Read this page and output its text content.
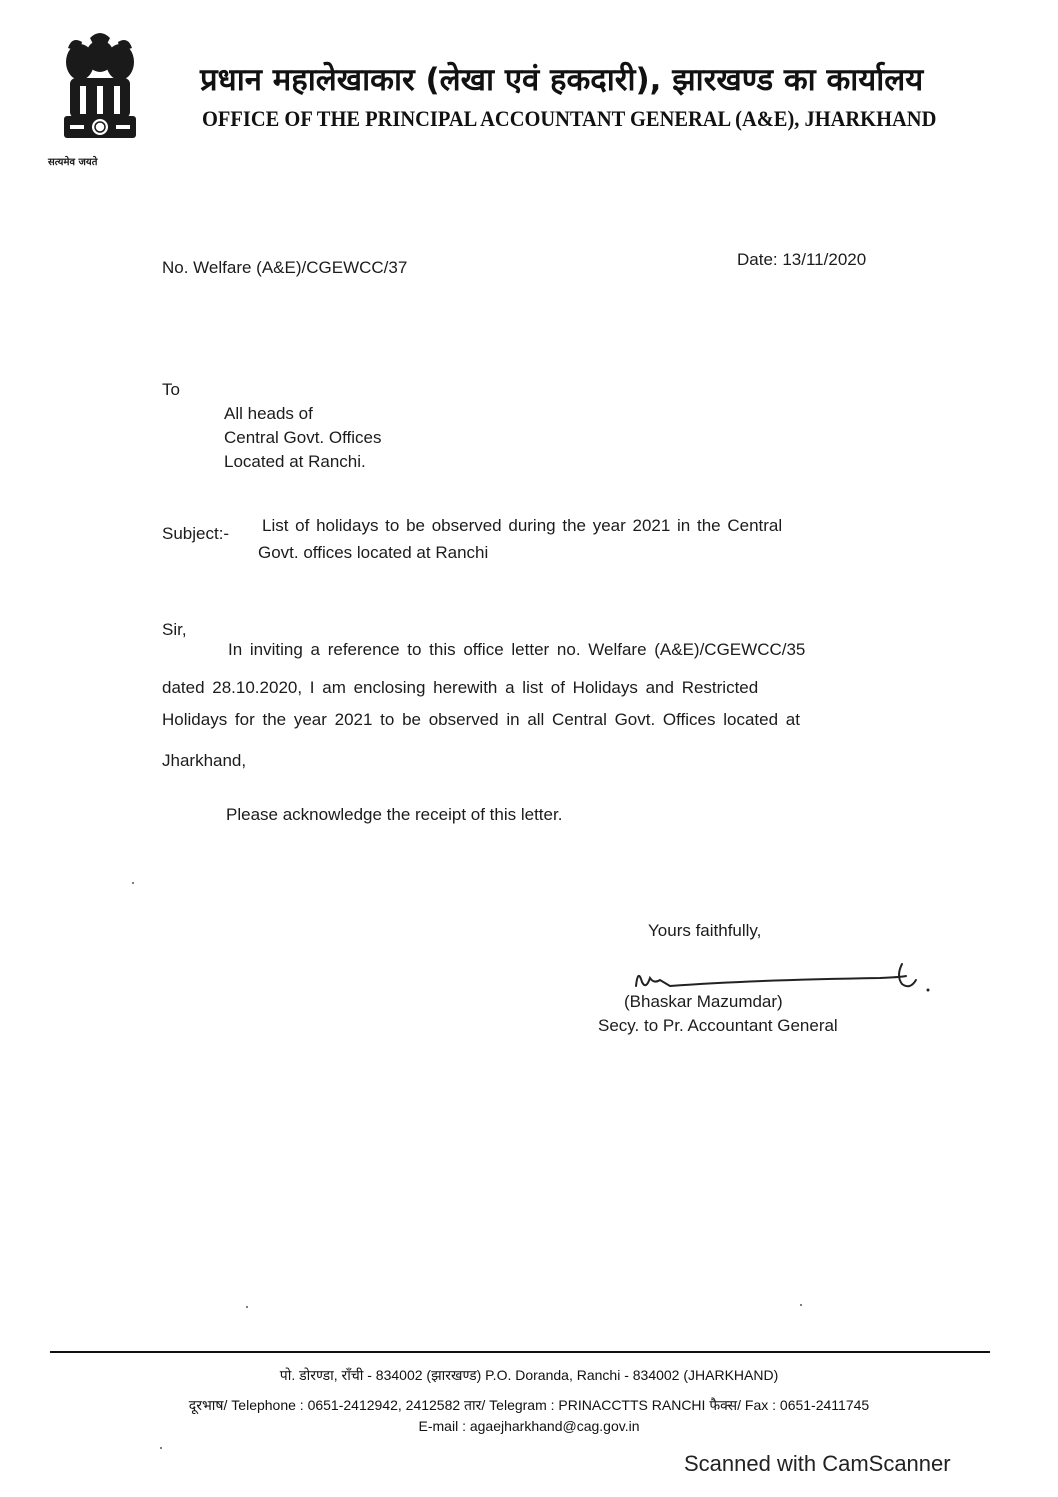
सत्यमेव जयते
प्रधान महालेखाकार (लेखा एवं हकदारी), झारखण्ड का कार्यालय
OFFICE OF THE PRINCIPAL ACCOUNTANT GENERAL (A&E), JHARKHAND
No. Welfare (A&E)/CGEWCC/37	Date: 13/11/2020
To
All heads of
Central Govt. Offices
Located at Ranchi.
Subject:- List of holidays to be observed during the year 2021 in the Central
Govt. offices located at Ranchi
Sir,
In inviting a reference to this office letter no. Welfare (A&E)/CGEWCC/35
dated 28.10.2020, I am enclosing herewith a list of Holidays and Restricted
Holidays for the year 2021 to be observed in all Central Govt. Offices located at
Jharkhand,
Please acknowledge the receipt of this letter.
Yours faithfully,
(Bhaskar Mazumdar)
Secy. to Pr. Accountant General
पो. डोरण्डा, राँची - 834002 (झारखण्ड) P.O. Doranda, Ranchi - 834002 (JHARKHAND)
दूरभाष/ Telephone : 0651-2412942, 2412582 तार/ Telegram : PRINACCTTS RANCHI फैक्स/ Fax : 0651-2411745
E-mail : agaejharkhand@cag.gov.in
Scanned with CamScanner
